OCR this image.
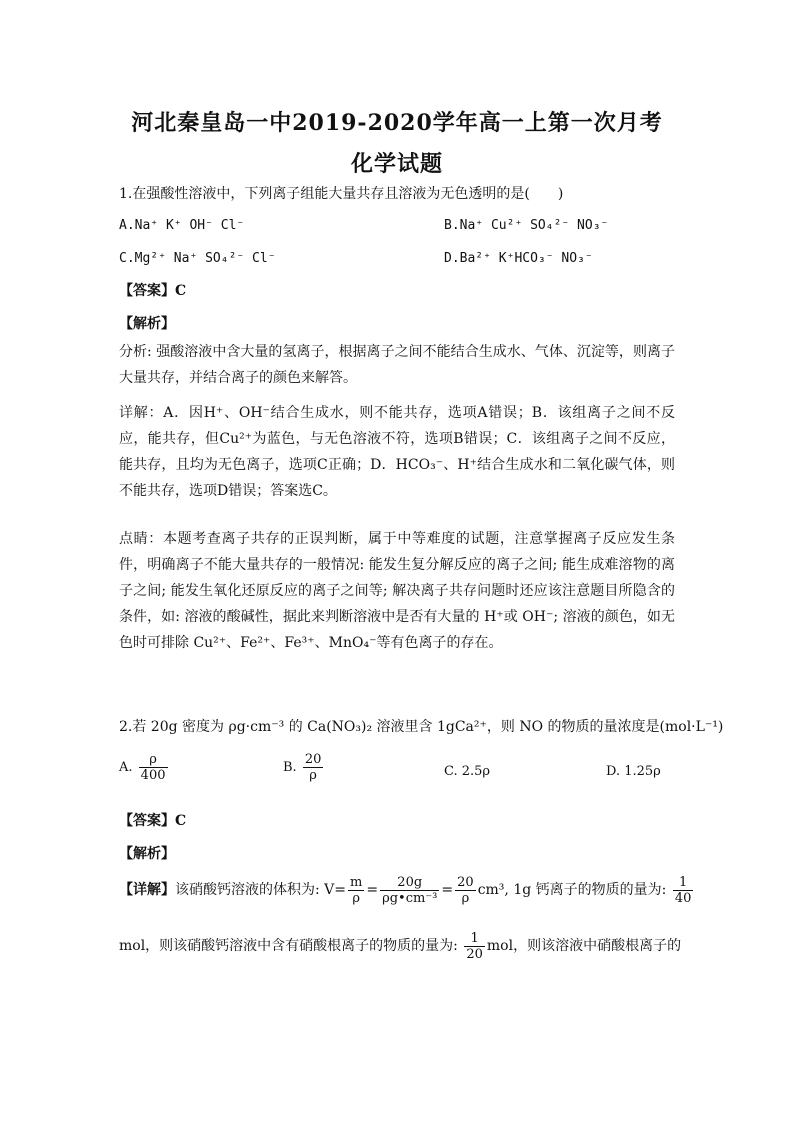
河北秦皇岛一中2019-2020学年高一上第一次月考
化学试题
1.在强酸性溶液中，下列离子组能大量共存且溶液为无色透明的是(　　)
A.Na⁺ K⁺ OH⁻ Cl⁻	B.Na⁺ Cu²⁺ SO₄²⁻ NO₃⁻
C.Mg²⁺ Na⁺ SO₄²⁻ Cl⁻	D.Ba²⁺ K⁺HCO₃⁻ NO₃⁻
【答案】C
【解析】
分析: 强酸溶液中含大量的氢离子，根据离子之间不能结合生成水、气体、沉淀等，则离子大量共存，并结合离子的颜色来解答。
详解：A．因H⁺、OH⁻结合生成水，则不能共存，选项A错误；B．该组离子之间不反应，能共存，但Cu²⁺为蓝色，与无色溶液不符，选项B错误；C．该组离子之间不反应，能共存，且均为无色离子，选项C正确；D．HCO₃⁻、H⁺结合生成水和二氧化碳气体，则不能共存，选项D错误；答案选C。
点睛：本题考查离子共存的正误判断，属于中等难度的试题，注意掌握离子反应发生条件，明确离子不能大量共存的一般情况: 能发生复分解反应的离子之间; 能生成难溶物的离子之间; 能发生氧化还原反应的离子之间等; 解决离子共存问题时还应该注意题目所隐含的条件，如: 溶液的酸碱性，据此来判断溶液中是否有大量的 H⁺或 OH⁻; 溶液的颜色，如无色时可排除 Cu²⁺、Fe²⁺、Fe³⁺、MnO₄⁻等有色离子的存在。
2.若 20g 密度为 ρg·cm⁻³ 的 Ca(NO₃)₂ 溶液里含 1gCa²⁺，则 NO 的物质的量浓度是(mol·L⁻¹)
A. $\frac{\rho}{400}$	B. $\frac{20}{\rho}$	C. 2.5ρ	D. 1.25ρ
【答案】C
【解析】
【详解】该硝酸钙溶液的体积为: $V= \frac{m}{\rho} = \frac{20g}{\text{ρg•cm⁻³}} = \frac{20}{\rho} cm^3$, 1g 钙离子的物质的量为: $\frac{1}{40}$
mol，则该硝酸钙溶液中含有硝酸根离子的物质的量为: $\frac{1}{20}$ mol，则该溶液中硝酸根离子的
